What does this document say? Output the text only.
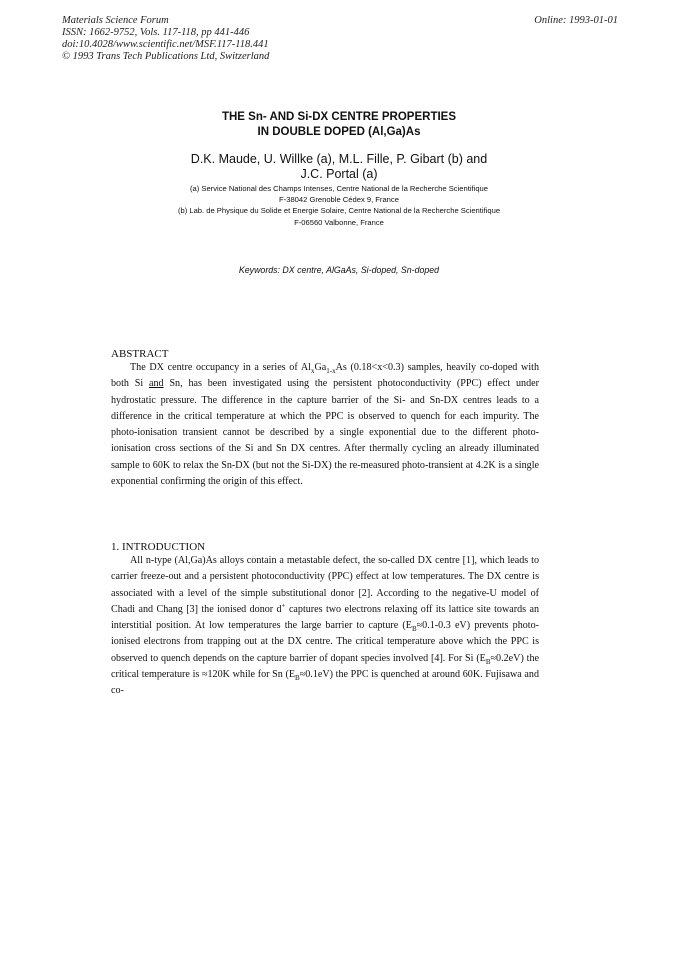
Materials Science Forum
ISSN: 1662-9752, Vols. 117-118, pp 441-446
doi:10.4028/www.scientific.net/MSF.117-118.441
© 1993 Trans Tech Publications Ltd, Switzerland
Online: 1993-01-01
THE Sn- AND Si-DX CENTRE PROPERTIES
IN DOUBLE DOPED (Al,Ga)As
D.K. Maude, U. Willke (a), M.L. Fille, P. Gibart (b) and
J.C. Portal (a)
(a) Service National des Champs Intenses, Centre National de la Recherche Scientifique
F-38042 Grenoble Cédex 9, France
(b) Lab. de Physique du Solide et Energie Solaire, Centre National de la Recherche Scientifique
F-06560 Valbonne, France
Keywords: DX centre, AlGaAs, Si-doped, Sn-doped
ABSTRACT

The DX centre occupancy in a series of $Al_xGa_{1-x}As$ (0.18<x<0.3) samples, heavily co-doped with both Si and Sn, has been investigated using the persistent photoconductivity (PPC) effect under hydrostatic pressure. The difference in the capture barrier of the Si- and Sn-DX centres leads to a difference in the critical temperature at which the PPC is observed to quench for each impurity. The photo-ionisation transient cannot be described by a single exponential due to the different photo-ionisation cross sections of the Si and Sn DX centres. After thermally cycling an already illuminated sample to 60K to relax the Sn-DX (but not the Si-DX) the re-measured photo-transient at 4.2K is a single exponential confirming the origin of this effect.

1. INTRODUCTION

All n-type (Al,Ga)As alloys contain a metastable defect, the so-called DX centre [1], which leads to carrier freeze-out and a persistent photoconductivity (PPC) effect at low temperatures. The DX centre is associated with a level of the simple substitutional donor [2]. According to the negative-U model of Chadi and Chang [3] the ionised donor d+ captures two electrons relaxing off its lattice site towards an interstitial position. At low temperatures the large barrier to capture ($E_B\approx 0.1-0.3$ eV) prevents photo-ionised electrons from trapping out at the DX centre. The critical temperature above which the PPC is observed to quench depends on the capture barrier of dopant species involved [4]. For Si $(E_B\approx 0.2eV)$ the critical temperature is ≈120K while for Sn $(E_B\approx 0.1eV)$ the PPC is quenched at around 60K. Fujisawa and co-
